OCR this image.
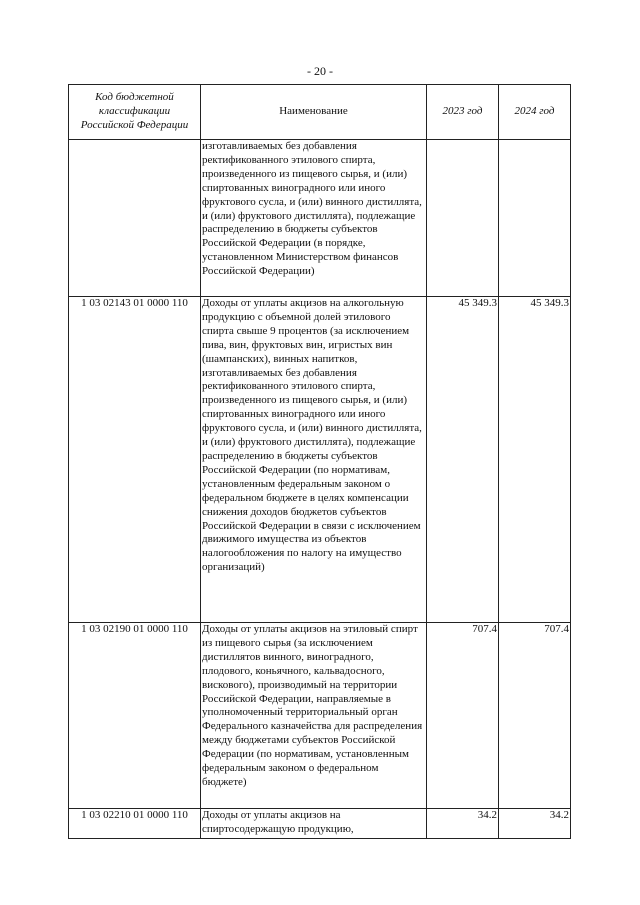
- 20 -
Код бюджетной классификации Российской Федерации	Наименование	2023 год	2024 год
	изготавливаемых без добавления ректификованного этилового спирта, произведенного из пищевого сырья, и (или) спиртованных виноградного или иного фруктового сусла, и (или) винного дистиллята, и (или) фруктового дистиллята), подлежащие распределению в бюджеты субъектов Российской Федерации (в порядке, установленном Министерством финансов Российской Федерации)		
1 03 02143 01 0000 110	Доходы от уплаты акцизов на алкогольную продукцию с объемной долей этилового спирта свыше 9 процентов (за исключением пива, вин, фруктовых вин, игристых вин (шампанских), винных напитков, изготавливаемых без добавления ректификованного этилового спирта, произведенного из пищевого сырья, и (или) спиртованных виноградного или иного фруктового сусла, и (или) винного дистиллята, и (или) фруктового дистиллята), подлежащие распределению в бюджеты субъектов Российской Федерации (по нормативам, установленным федеральным законом о федеральном бюджете в целях компенсации снижения доходов бюджетов субъектов Российской Федерации в связи с исключением движимого имущества из объектов налогообложения по налогу на имущество организаций)	45 349.3	45 349.3
1 03 02190 01 0000 110	Доходы от уплаты акцизов на этиловый спирт из пищевого сырья (за исключением дистиллятов винного, виноградного, плодового, коньячного, кальвадосного, вискового), производимый на территории Российской Федерации, направляемые в уполномоченный территориальный орган Федерального казначейства для распределения между бюджетами субъектов Российской Федерации (по нормативам, установленным федеральным законом о федеральном бюджете)	707.4	707.4
1 03 02210 01 0000 110	Доходы от уплаты акцизов на спиртосодержащую продукцию,	34.2	34.2
